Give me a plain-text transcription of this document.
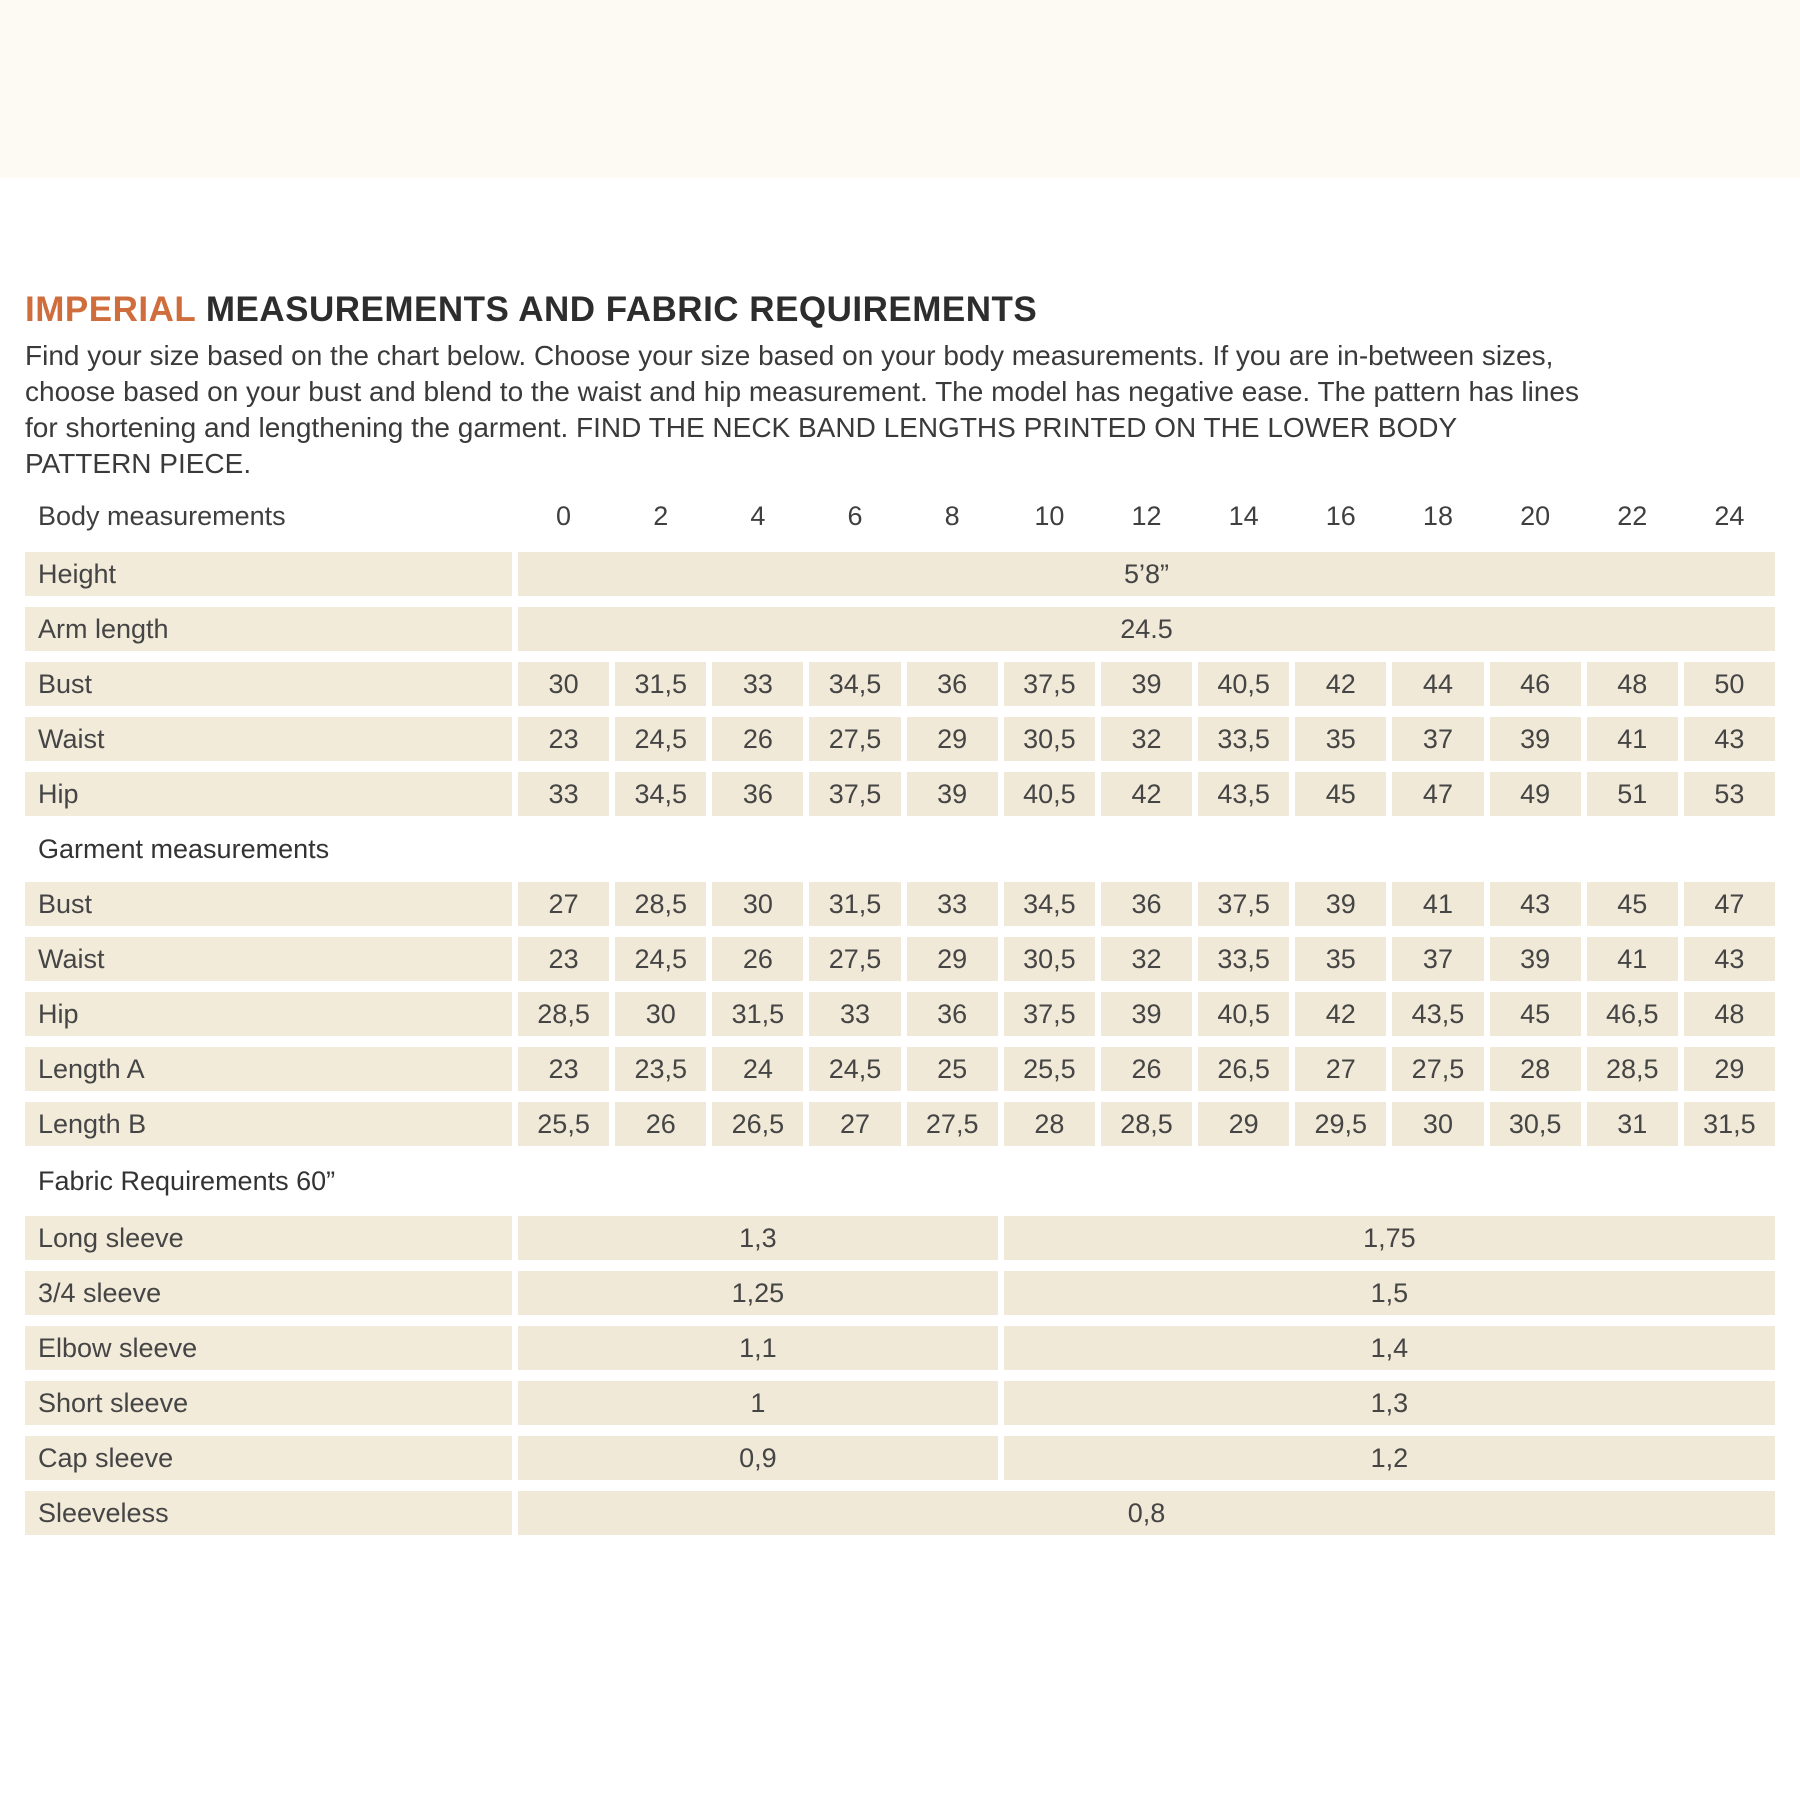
IMPERIAL MEASUREMENTS AND FABRIC REQUIREMENTS

Find your size based on the chart below. Choose your size based on your body measurements. If you are in-between sizes, choose based on your bust and blend to the waist and hip measurement. The model has negative ease. The pattern has lines for shortening and lengthening the garment. FIND THE NECK BAND LENGTHS PRINTED ON THE LOWER BODY PATTERN PIECE.

Body measurements	0	2	4	6	8	10	12	14	16	18	20	22	24
Height	5’8”
Arm length	24.5
Bust	30	31,5	33	34,5	36	37,5	39	40,5	42	44	46	48	50
Waist	23	24,5	26	27,5	29	30,5	32	33,5	35	37	39	41	43
Hip	33	34,5	36	37,5	39	40,5	42	43,5	45	47	49	51	53
Garment measurements
Bust	27	28,5	30	31,5	33	34,5	36	37,5	39	41	43	45	47
Waist	23	24,5	26	27,5	29	30,5	32	33,5	35	37	39	41	43
Hip	28,5	30	31,5	33	36	37,5	39	40,5	42	43,5	45	46,5	48
Length A	23	23,5	24	24,5	25	25,5	26	26,5	27	27,5	28	28,5	29
Length B	25,5	26	26,5	27	27,5	28	28,5	29	29,5	30	30,5	31	31,5
Fabric Requirements 60”
Long sleeve	1,3	1,75
3/4 sleeve	1,25	1,5
Elbow sleeve	1,1	1,4
Short sleeve	1	1,3
Cap sleeve	0,9	1,2
Sleeveless	0,8
